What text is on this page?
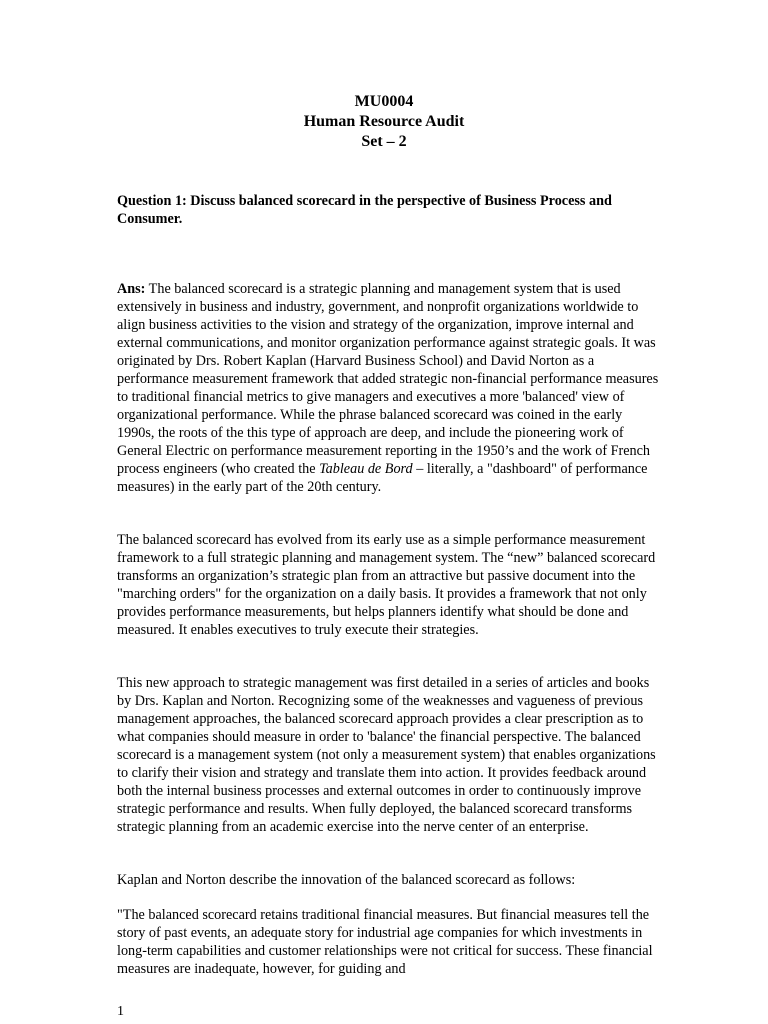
MU0004
Human Resource Audit
Set – 2
Question 1: Discuss balanced scorecard in the perspective of Business Process and Consumer.

Ans: The balanced scorecard is a strategic planning and management system that is used extensively in business and industry, government, and nonprofit organizations worldwide to align business activities to the vision and strategy of the organization, improve internal and external communications, and monitor organization performance against strategic goals. It was originated by Drs. Robert Kaplan (Harvard Business School) and David Norton as a performance measurement framework that added strategic non-financial performance measures to traditional financial metrics to give managers and executives a more 'balanced' view of organizational performance. While the phrase balanced scorecard was coined in the early 1990s, the roots of the this type of approach are deep, and include the pioneering work of General Electric on performance measurement reporting in the 1950’s and the work of French process engineers (who created the Tableau de Bord – literally, a "dashboard" of performance measures) in the early part of the 20th century.

The balanced scorecard has evolved from its early use as a simple performance measurement framework to a full strategic planning and management system. The “new” balanced scorecard transforms an organization’s strategic plan from an attractive but passive document into the "marching orders" for the organization on a daily basis. It provides a framework that not only provides performance measurements, but helps planners identify what should be done and measured. It enables executives to truly execute their strategies.

This new approach to strategic management was first detailed in a series of articles and books by Drs. Kaplan and Norton. Recognizing some of the weaknesses and vagueness of previous management approaches, the balanced scorecard approach provides a clear prescription as to what companies should measure in order to 'balance' the financial perspective. The balanced scorecard is a management system (not only a measurement system) that enables organizations to clarify their vision and strategy and translate them into action. It provides feedback around both the internal business processes and external outcomes in order to continuously improve strategic performance and results. When fully deployed, the balanced scorecard transforms strategic planning from an academic exercise into the nerve center of an enterprise.

Kaplan and Norton describe the innovation of the balanced scorecard as follows:

"The balanced scorecard retains traditional financial measures. But financial measures tell the story of past events, an adequate story for industrial age companies for which investments in long-term capabilities and customer relationships were not critical for success. These financial measures are inadequate, however, for guiding and

1
